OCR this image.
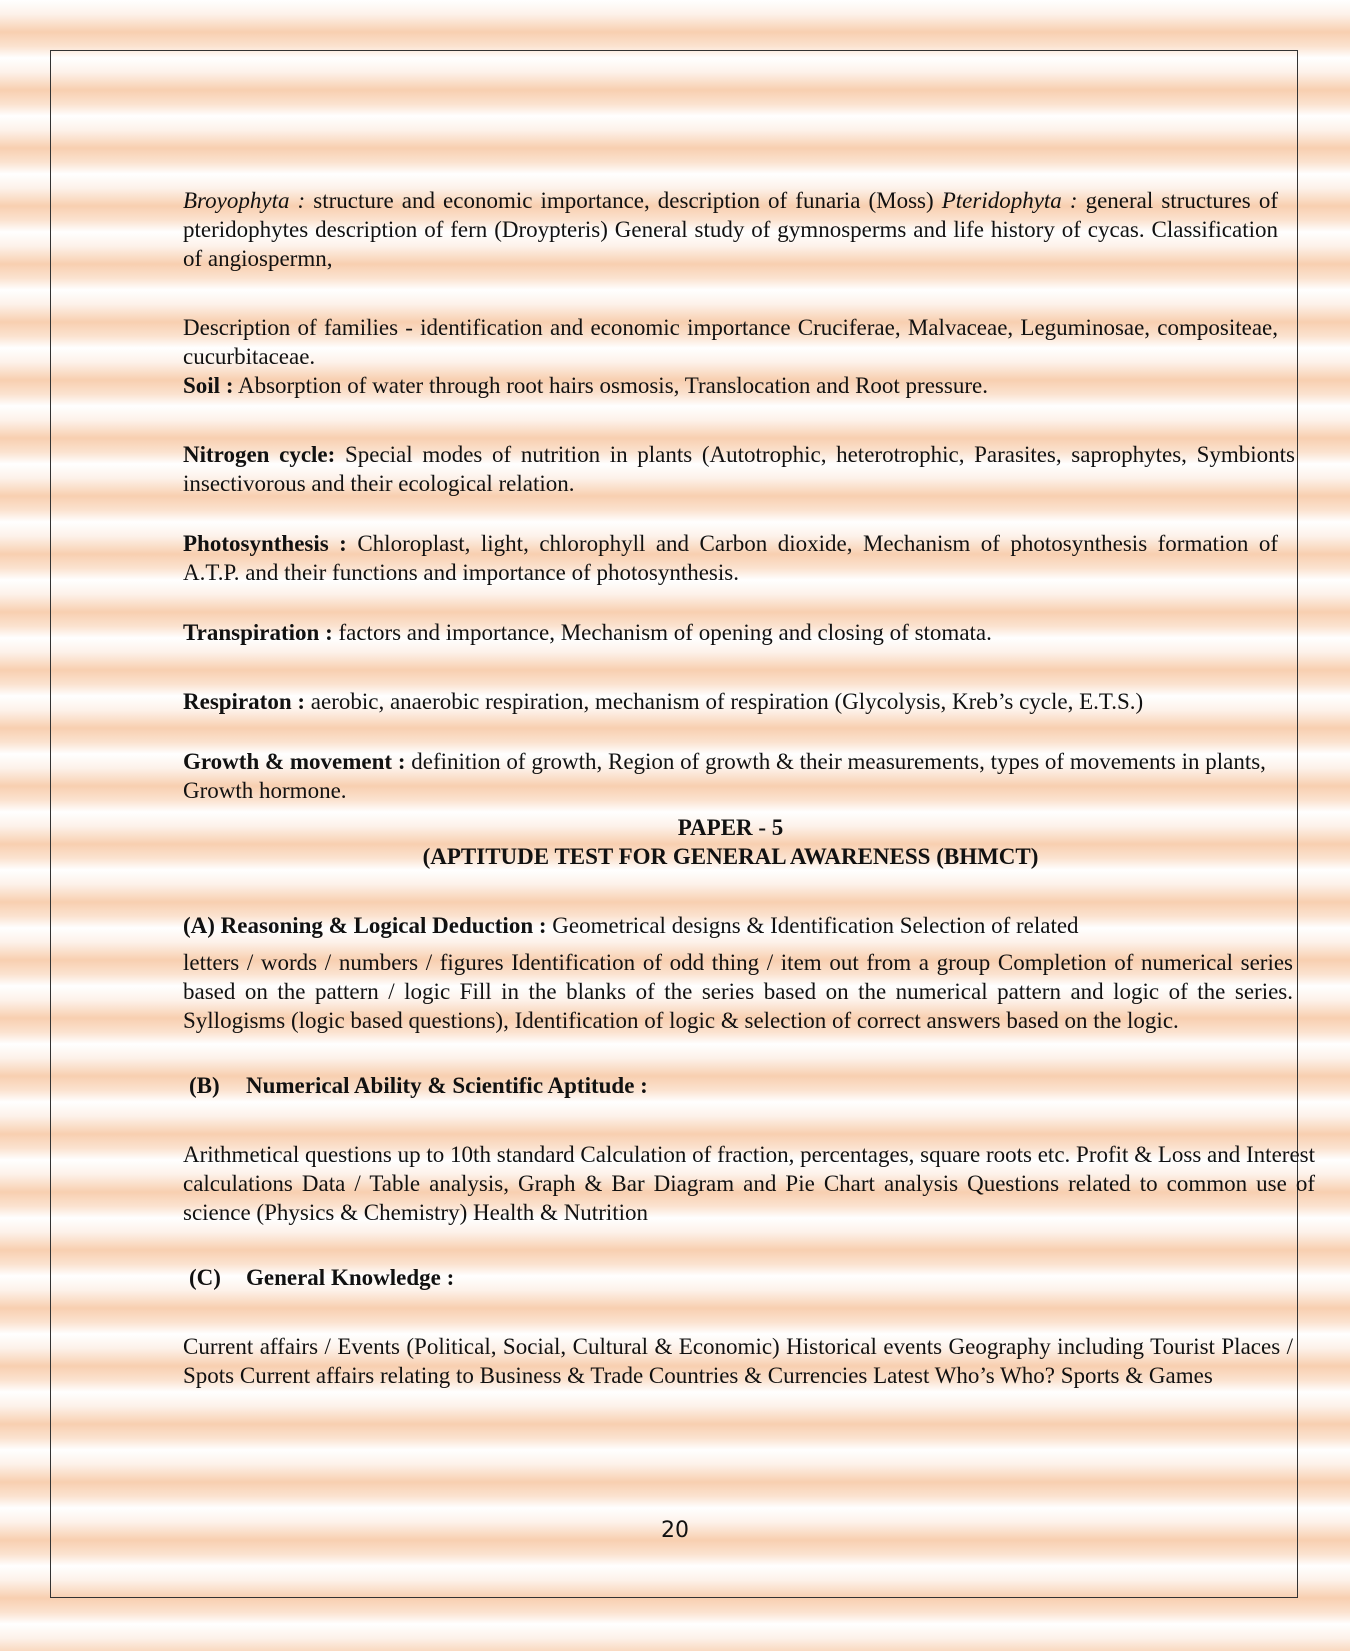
Broyophyta : structure and economic importance, description of funaria (Moss) Pteridophyta : general structures of pteridophytes description of fern (Droypteris) General study of gymnosperms and life history of cycas. Classification of angiospermn,

Description of families - identification and economic importance Cruciferae, Malvaceae, Leguminosae, compositeae, cucurbitaceae.

Soil : Absorption of water through root hairs osmosis, Translocation and Root pressure.

Nitrogen cycle: Special modes of nutrition in plants (Autotrophic, heterotrophic, Parasites, saprophytes, Symbionts insectivorous and their ecological relation.

Photosynthesis : Chloroplast, light, chlorophyll and Carbon dioxide, Mechanism of photosynthesis formation of A.T.P. and their functions and importance of photosynthesis.

Transpiration : factors and importance, Mechanism of opening and closing of stomata.

Respiraton : aerobic, anaerobic respiration, mechanism of respiration (Glycolysis, Kreb’s cycle, E.T.S.)

Growth & movement : definition of growth, Region of growth & their measurements, types of movements in plants, Growth hormone.

PAPER - 5
(APTITUDE TEST FOR GENERAL AWARENESS (BHMCT)

(A) Reasoning & Logical Deduction : Geometrical designs & Identification Selection of related

letters / words / numbers / figures Identification of odd thing / item out from a group Completion of numerical series based on the pattern / logic Fill in the blanks of the series based on the numerical pattern and logic of the series. Syllogisms (logic based questions), Identification of logic & selection of correct answers based on the logic.

(B) Numerical Ability & Scientific Aptitude :

Arithmetical questions up to 10th standard Calculation of fraction, percentages, square roots etc. Profit & Loss and Interest calculations Data / Table analysis, Graph & Bar Diagram and Pie Chart analysis Questions related to common use of science (Physics & Chemistry) Health & Nutrition

(C) General Knowledge :

Current affairs / Events (Political, Social, Cultural & Economic) Historical events Geography including Tourist Places / Spots Current affairs relating to Business & Trade Countries & Currencies Latest Who’s Who? Sports & Games

20
